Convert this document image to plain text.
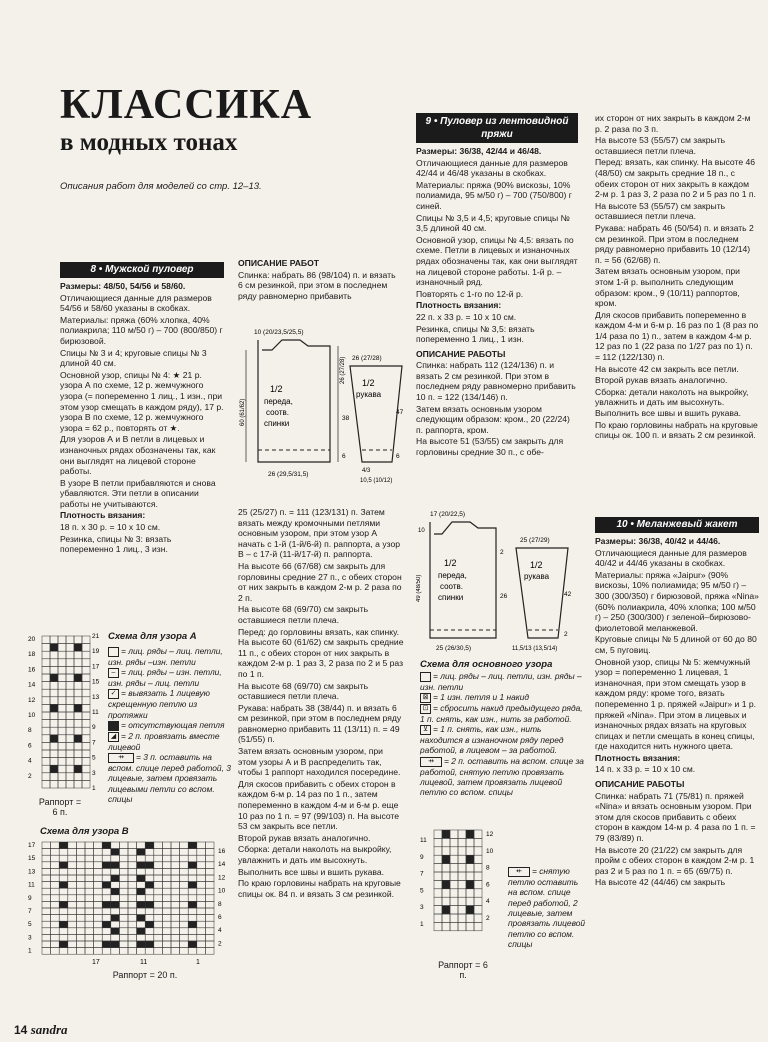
КЛАССИКА
в модных тонах
Описания работ для моделей со стр. 12–13.
8 • Мужской пуловер

Размеры: 48/50, 54/56 и 58/60.

Отличающиеся данные для размеров 54/56 и 58/60 указаны в скобках.

Материалы: пряжа (60% хлопка, 40% полиакрила; 110 м/50 г) – 700 (800/850) г бирюзовой.

Спицы № 3 и 4; круговые спицы № 3 длиной 40 см.

Основной узор, спицы № 4: ★ 21 р. узора А по схеме, 12 р. жемчужного узора (= попеременно 1 лиц., 1 изн., при этом узор смещать в каждом ряду), 17 р. узора В по схеме, 12 р. жемчужного узора = 62 р., повторять от ★.

Для узоров А и В петли в лицевых и изнаночных рядах обозначены так, как они выглядят на лицевой стороне работы.

В узоре В петли прибавляются и снова убавляются. Эти петли в описании работы не учитываются.

Плотность вязания:

18 п. х 30 р. = 10 х 10 см.

Резинка, спицы № 3: вязать попеременно 1 лиц., 3 изн.

ОПИСАНИЕ РАБОТ

Спинка: набрать 86 (98/104) п. и вязать 6 см резинкой, при этом в последнем ряду равномерно прибавить

10 (20/23,5/25,5)
1/2
переда,
соотв.
спинки
60 (61/62)
26 (27/28)
38
6
26 (29,5/31,5)
26 (27/28)
1/2
рукава
47
6
4/3
10,5 (10/12)

25 (25/27) п. = 111 (123/131) п. Затем вязать между кромочными петлями основным узором, при этом узор А начать с 1-й (1-й/6-й) п. раппорта, а узор В – с 17-й (11-й/17-й) п. раппорта.

На высоте 66 (67/68) см закрыть для горловины средние 27 п., с обеих сторон от них закрыть в каждом 2-м р. 2 раза по 2 п.

На высоте 68 (69/70) см закрыть оставшиеся петли плеча.

Перед: до горловины вязать, как спинку. На высоте 60 (61/62) см закрыть средние 11 п., с обеих сторон от них закрыть в каждом 2-м р. 1 раз 3, 2 раза по 2 и 5 раз по 1 п.

На высоте 68 (69/70) см закрыть оставшиеся петли плеча.

Рукава: набрать 38 (38/44) п. и вязать 6 см резинкой, при этом в последнем ряду равномерно прибавить 11 (13/11) п. = 49 (51/55) п.

Затем вязать основным узором, при этом узоры А и В распределить так, чтобы 1 раппорт находился посередине.

Для скосов прибавить с обеих сторон в каждом 6-м р. 14 раз по 1 п., затем попеременно в каждом 4-м и 6-м р. еще 10 раз по 1 п. = 97 (99/103) п. На высоте 53 см закрыть все петли.

Второй рукав вязать аналогично.

Сборка: детали наколоть на выкройку, увлажнить и дать им высохнуть.

Выполнить все швы и вшить рукава.

По краю горловины набрать на круговые спицы ок. 84 п. и вязать 3 см резинкой.

9 • Пуловер из лентовидной
пряжи

Размеры: 36/38, 42/44 и 46/48.

Отличающиеся данные для размеров 42/44 и 46/48 указаны в скобках.

Материалы: пряжа (90% вискозы, 10% полиамида, 95 м/50 г) – 700 (750/800) г синей.

Спицы № 3,5 и 4,5; круговые спицы № 3,5 длиной 40 см.

Основной узор, спицы № 4,5: вязать по схеме. Петли в лицевых и изнаночных рядах обозначены так, как они выглядят на лицевой стороне работы. 1-й р. – изнаночный ряд.

Повторять с 1-го по 12-й р.

Плотность вязания:

22 п. х 33 р. = 10 х 10 см.

Резинка, спицы № 3,5: вязать попеременно 1 лиц., 1 изн.

ОПИСАНИЕ РАБОТЫ

Спинка: набрать 112 (124/136) п. и вязать 2 см резинкой. При этом в последнем ряду равномерно прибавить 10 п. = 122 (134/146) п.

Затем вязать основным узором следующим образом: кром., 20 (22/24) п. раппорта, кром.

На высоте 51 (53/55) см закрыть для горловины средние 30 п., с обе-

17 (20/22,5)
10
1/2
переда,
соотв.
спинки
49 (48/50)
2
26
25 (26/30,5)
25 (27/29)
1/2
рукава
42
2
11,5/13 (13,5/14)

их сторон от них закрыть в каждом 2-м р. 2 раза по 3 п.

На высоте 53 (55/57) см закрыть оставшиеся петли плеча.

Перед: вязать, как спинку. На высоте 46 (48/50) см закрыть средние 18 п., с обеих сторон от них закрыть в каждом 2-м р. 1 раз 3, 2 раза по 2 и 5 раз по 1 п.

На высоте 53 (55/57) см закрыть оставшиеся петли плеча.

Рукава: набрать 46 (50/54) п. и вязать 2 см резинкой. При этом в последнем ряду равномерно прибавить 10 (12/14) п. = 56 (62/68) п.

Затем вязать основным узором, при этом 1-й р. выполнить следующим образом: кром., 9 (10/11) раппортов, кром.

Для скосов прибавить попеременно в каждом 4-м и 6-м р. 16 раз по 1 (8 раз по 1/4 раза по 1) п., затем в каждом 4-м р. 12 раз по 1 (22 раза по 1/27 раз по 1) п. = 112 (122/130) п.

На высоте 42 см закрыть все петли.

Второй рукав вязать аналогично.

Сборка: детали наколоть на выкройку, увлажнить и дать им высохнуть. Выполнить все швы и вшить рукава.

По краю горловины набрать на круговые спицы ок. 100 п. и вязать 2 см резинкой.

10 • Меланжевый жакет

Размеры: 36/38, 40/42 и 44/46.

Отличающиеся данные для размеров 40/42 и 44/46 указаны в скобках.

Материалы: пряжа «Jaipur» (90% вискозы, 10% полиамида; 95 м/50 г) – 300 (300/350) г бирюзовой, пряжа «Nina» (60% полиакрила, 40% хлопка; 100 м/50 г) – 250 (300/300) г зеленой–бирюзово-фиолетовой меланжевой.

Круговые спицы № 5 длиной от 60 до 80 см, 5 пуговиц.

Оновной узор, спицы № 5: жемчужный узор = попеременно 1 лицевая, 1 изнаночная, при этом смещать узор в каждом ряду: кроме того, вязать попеременно 1 р. пряжей «Jaipur» и 1 р. пряжей «Nina». При этом в лицевых и изнаночных рядах вязать на круговых спицах и петли смещать в конец спицы, где находится нить нужного цвета.

Плотность вязания:

14 п. х 33 р. = 10 х 10 см.

ОПИСАНИЕ РАБОТЫ

Спинка: набрать 71 (75/81) п. пряжей «Nina» и вязать основным узором. При этом для скосов прибавить с обеих сторон в каждом 14-м р. 4 раза по 1 п. = 79 (83/89) п.

На высоте 20 (21/22) см закрыть для пройм с обеих сторон в каждом 2-м р. 1 раз 2 и 5 раз по 1 п. = 65 (69/75) п.

На высоте 42 (44/46) см закрыть

20
18
16
14
12
10
8
6
4
2
21
19
17
15
13
11
9
7
5
3
1
Раппорт = 6 п.
Схема для узора А
= лиц. ряды – лиц. петли, изн. ряды –изн. петли
– = лиц. ряды – изн. петли, изн. ряды – лиц. петли
✓ = вывязать 1 лицевую скрещенную петлю из протяжки
= отсутствующая петля
◢ = 2 п. провязать вместе лицевой
⇸ = 3 п. оставить на вспом. спице перед работой, 3 лицевые, затем провязать лицевыми петли со вспом. спицы
Схема для узора В
17
15
13
11
9
7
5
3
1
16
14
12
10
8
6
4
2
17	11	1
Раппорт = 20 п.
Схема для основного узора
= лиц. ряды – лиц. петли, изн. ряды – изн. петли
⊠ = 1 изн. петля и 1 накид
⊡ = сбросить накид предыдущего ряда, 1 п. снять, как изн., нить за работой.
⊻ = 1 п. снять, как изн., нить находится в изнаночном ряду перед работой, в лицевом – за работой.
⇸ = 2 п. оставить на вспом. спице за работой, снятую петлю провязать лицевой, затем провязать лицевой петлю со вспом. спицы
11
9
7
5
3
1
12
10
8
6
4
2
⇷ = снятую петлю оставить на вспом. спице перед работой, 2 лицевые, затем провязать лицевой петлю со вспом. спицы
Раппорт = 6 п.
14 sandra
